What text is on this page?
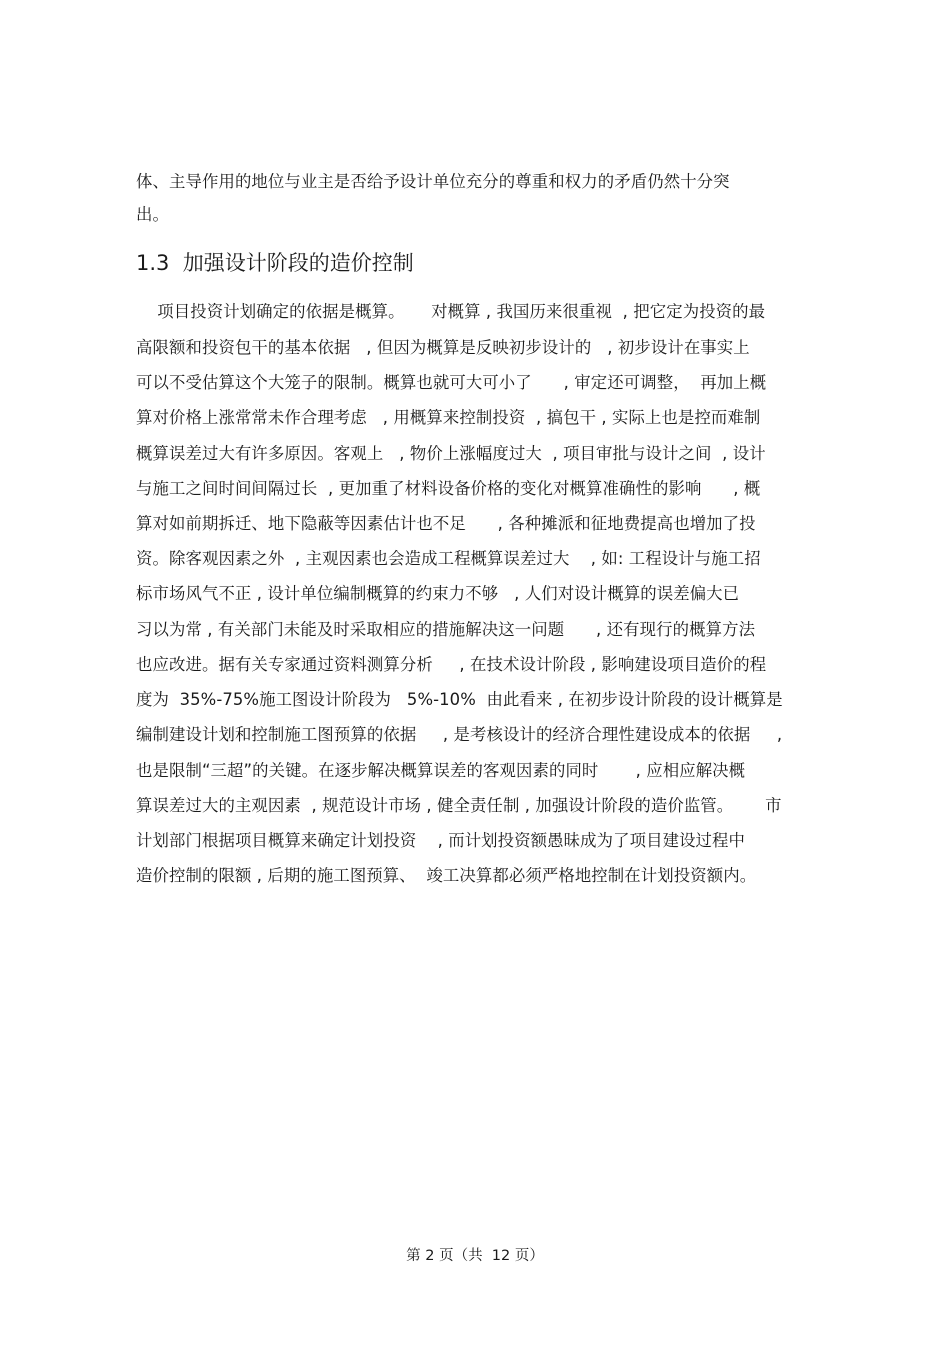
体、主导作用的地位与业主是否给予设计单位充分的尊重和权力的矛盾仍然十分突
出。
1.3  加强设计阶段的造价控制
项目投资计划确定的依据是概算。     对概算 , 我国历来很重视  , 把它定为投资的最
高限额和投资包干的基本依据   , 但因为概算是反映初步设计的   , 初步设计在事实上
可以不受估算这个大笼子的限制。概算也就可大可小了      , 审定还可调整，  再加上概
算对价格上涨常常未作合理考虑   , 用概算来控制投资  , 搞包干 , 实际上也是控而难制
概算误差过大有许多原因。客观上   , 物价上涨幅度过大  , 项目审批与设计之间  , 设计
与施工之间时间间隔过长  , 更加重了材料设备价格的变化对概算准确性的影响      , 概
算对如前期拆迁、地下隐蔽等因素估计也不足      , 各种摊派和征地费提高也增加了投
资。除客观因素之外  , 主观因素也会造成工程概算误差过大    , 如: 工程设计与施工招
标市场风气不正 , 设计单位编制概算的约束力不够   , 人们对设计概算的误差偏大已
习以为常 , 有关部门未能及时采取相应的措施解决这一问题      , 还有现行的概算方法
也应改进。据有关专家通过资料测算分析     , 在技术设计阶段 , 影响建设项目造价的程
度为  35%-75%施工图设计阶段为   5%-10%  由此看来 , 在初步设计阶段的设计概算是
编制建设计划和控制施工图预算的依据     , 是考核设计的经济合理性建设成本的依据     ,
也是限制“三超”的关键。在逐步解决概算误差的客观因素的同时       , 应相应解决概
算误差过大的主观因素  , 规范设计市场 , 健全责任制 , 加强设计阶段的造价监管。      市
计划部门根据项目概算来确定计划投资    , 而计划投资额愚昧成为了项目建设过程中
造价控制的限额 , 后期的施工图预算、  竣工决算都必须严格地控制在计划投资额内。
第 2 页（共  12 页）
